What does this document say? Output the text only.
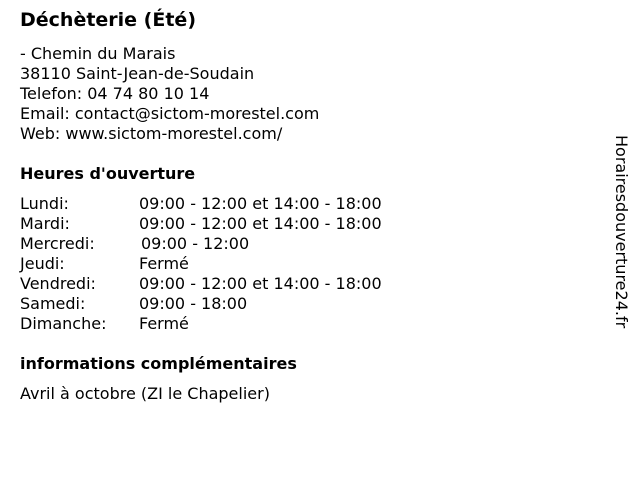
Déchèterie (Été)
- Chemin du Marais
38110 Saint-Jean-de-Soudain
Telefon: 04 74 80 10 14
Email: contact@sictom-morestel.com
Web: www.sictom-morestel.com/
Heures d'ouverture
Lundi:	09:00 - 12:00 et 14:00 - 18:00
Mardi:	09:00 - 12:00 et 14:00 - 18:00
Mercredi:	09:00 - 12:00
Jeudi:	Fermé
Vendredi:	09:00 - 12:00 et 14:00 - 18:00
Samedi:	09:00 - 18:00
Dimanche: Fermé
informations complémentaires
Avril à octobre (ZI le Chapelier)
Horairesdouverture24.fr
